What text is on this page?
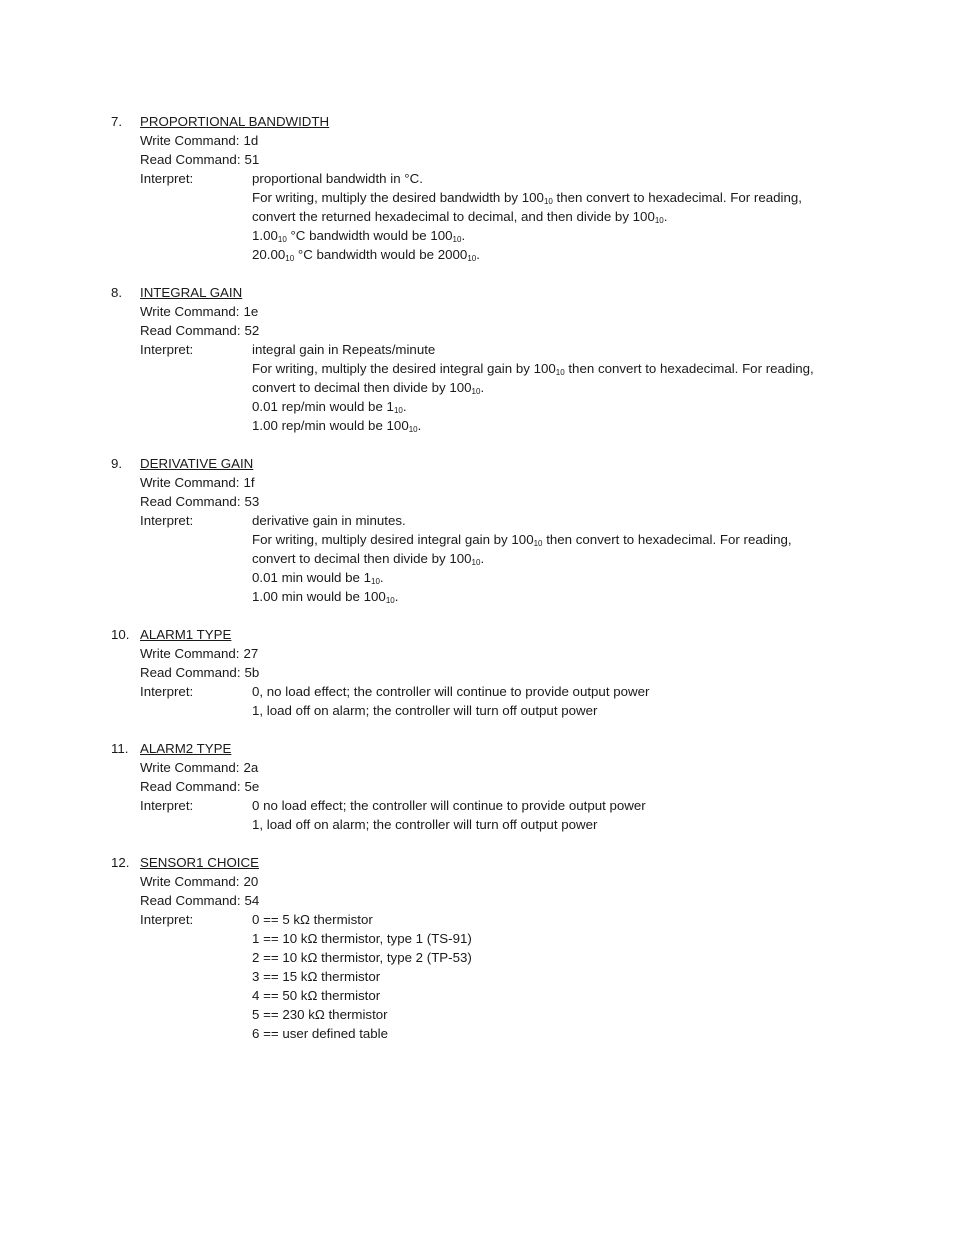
7. PROPORTIONAL BANDWIDTH
Write Command: 1d
Read Command: 51
Interpret:	proportional bandwidth in °C.
For writing, multiply the desired bandwidth by $100_{10}$ then convert to hexadecimal. For reading,
convert the returned hexadecimal to decimal, and then divide by $100_{10}$.
$1.00_{10}$ °C bandwidth would be $100_{10}$.
$20.00_{10}$ °C bandwidth would be $2000_{10}$.
8. INTEGRAL GAIN
Write Command: 1e
Read Command: 52
Interpret:	integral gain in Repeats/minute
For writing, multiply the desired integral gain by $100_{10}$ then convert to hexadecimal. For reading,
convert to decimal then divide by $100_{10}$.
0.01 rep/min would be $1_{10}$.
1.00 rep/min would be $100_{10}$.
9. DERIVATIVE GAIN
Write Command: 1f
Read Command: 53
Interpret:	derivative gain in minutes.
For writing, multiply desired integral gain by $100_{10}$ then convert to hexadecimal. For reading,
convert to decimal then divide by $100_{10}$.
0.01 min would be $1_{10}$.
1.00 min would be $100_{10}$.
10. ALARM1 TYPE
Write Command: 27
Read Command: 5b
Interpret:	0, no load effect; the controller will continue to provide output power
1, load off on alarm; the controller will turn off output power
11. ALARM2 TYPE
Write Command: 2a
Read Command: 5e
Interpret:	0 no load effect; the controller will continue to provide output power
1, load off on alarm; the controller will turn off output power
12. SENSOR1 CHOICE
Write Command: 20
Read Command: 54
Interpret:	0 == 5 kΩ thermistor
1 == 10 kΩ thermistor, type 1 (TS-91)
2 == 10 kΩ thermistor, type 2 (TP-53)
3 == 15 kΩ thermistor
4 == 50 kΩ thermistor
5 == 230 kΩ thermistor
6 == user defined table
